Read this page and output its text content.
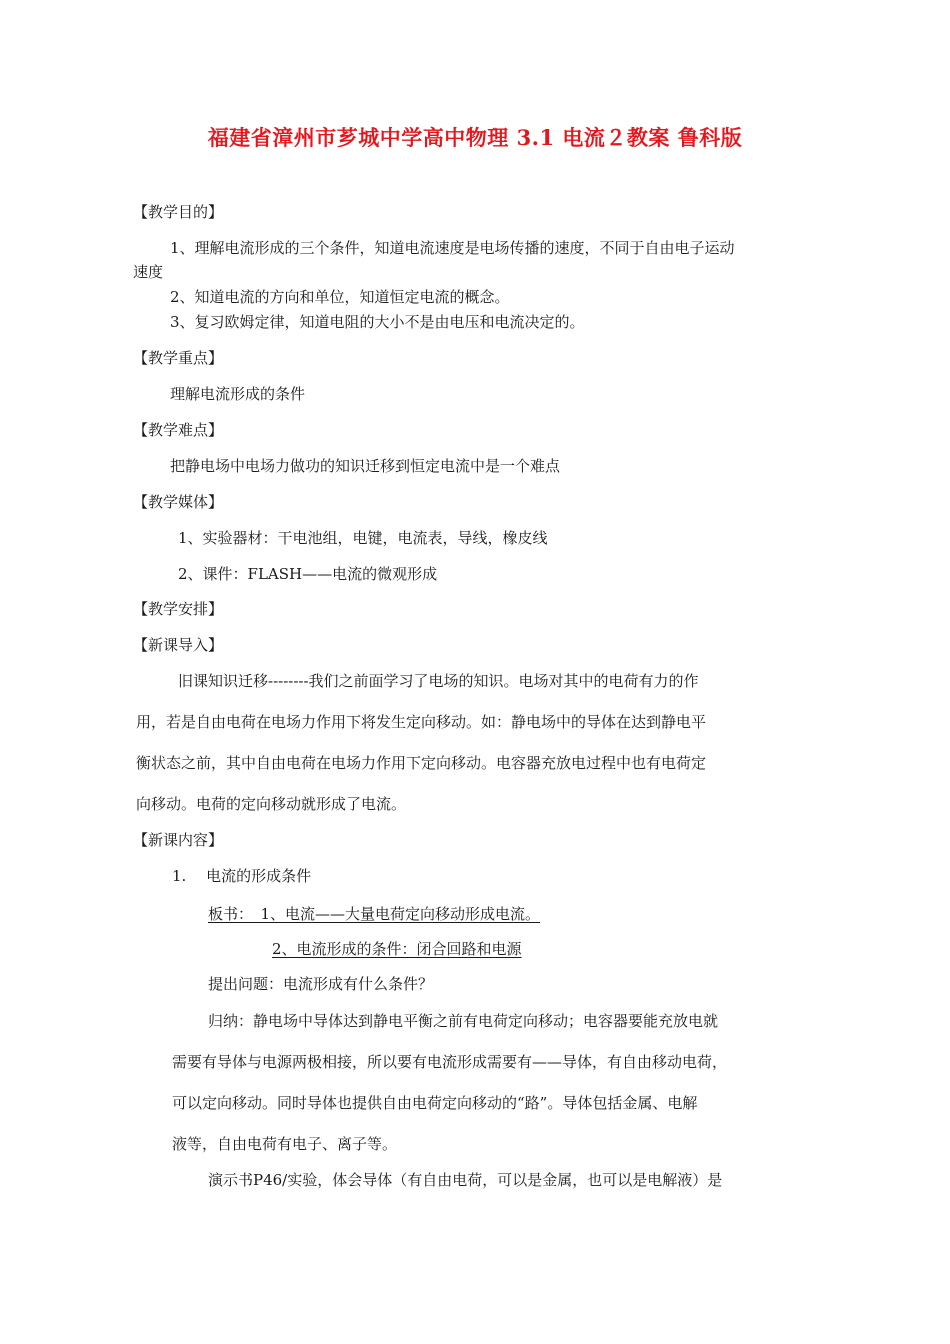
福建省漳州市芗城中学高中物理 3.1 电流２教案 鲁科版
【教学目的】
1、理解电流形成的三个条件，知道电流速度是电场传播的速度，不同于自由电子运动
速度
2、知道电流的方向和单位，知道恒定电流的概念。
3、复习欧姆定律，知道电阻的大小不是由电压和电流决定的。
【教学重点】
理解电流形成的条件
【教学难点】
把静电场中电场力做功的知识迁移到恒定电流中是一个难点
【教学媒体】
1、实验器材：干电池组，电键，电流表，导线，橡皮线
2、课件：FLASH——电流的微观形成
【教学安排】
【新课导入】
旧课知识迁移--------我们之前面学习了电场的知识。电场对其中的电荷有力的作
用，若是自由电荷在电场力作用下将发生定向移动。如：静电场中的导体在达到静电平
衡状态之前，其中自由电荷在电场力作用下定向移动。电容器充放电过程中也有电荷定
向移动。电荷的定向移动就形成了电流。
【新课内容】
1.　 电流的形成条件
板书：　1、电流——大量电荷定向移动形成电流。
2、电流形成的条件：闭合回路和电源
提出问题：电流形成有什么条件？
归纳：静电场中导体达到静电平衡之前有电荷定向移动；电容器要能充放电就
需要有导体与电源两极相接，所以要有电流形成需要有——导体，有自由移动电荷，
可以定向移动。同时导体也提供自由电荷定向移动的“路”。导体包括金属、电解
液等，自由电荷有电子、离子等。
演示书P46/实验，体会导体（有自由电荷，可以是金属，也可以是电解液）是
